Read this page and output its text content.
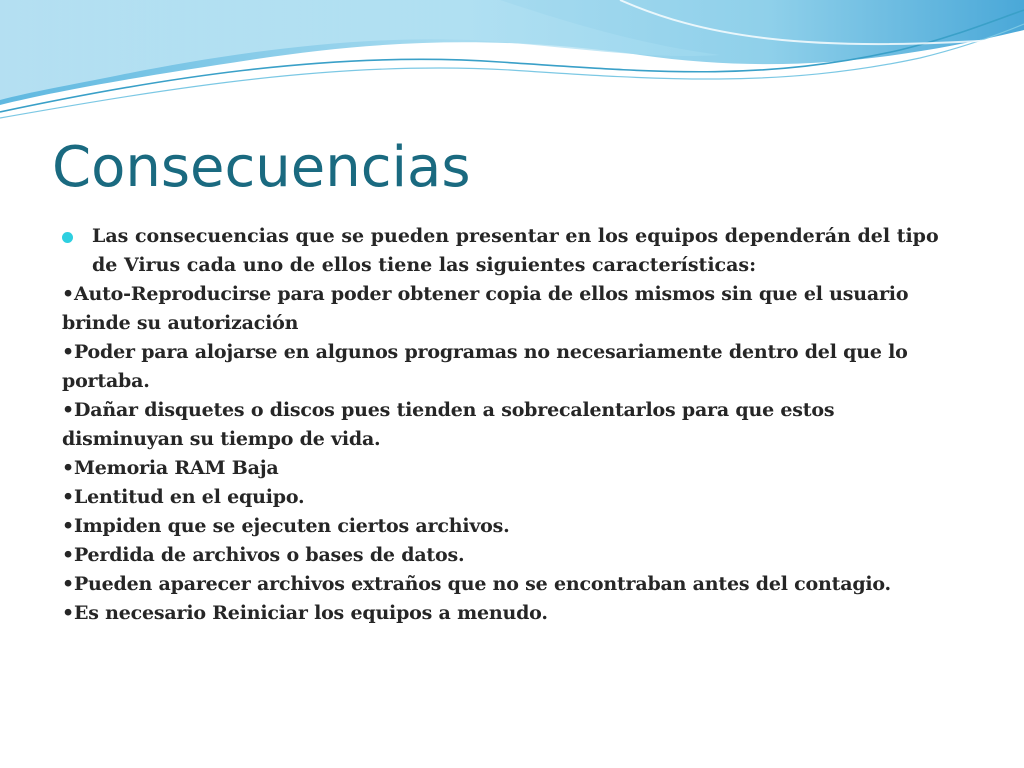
Consecuencias

Las consecuencias que se pueden presentar en los equipos dependerán del tipo de Virus cada uno de ellos tiene las siguientes características:

•Auto-Reproducirse para poder obtener copia de ellos mismos sin que el usuario brinde su autorización

•Poder para alojarse en algunos programas no necesariamente dentro del que lo portaba.

•Dañar disquetes o discos pues tienden a sobrecalentarlos para que estos disminuyan su tiempo de vida.

•Memoria RAM Baja

•Lentitud en el equipo.

•Impiden que se ejecuten ciertos archivos.

•Perdida de archivos o bases de datos.

•Pueden aparecer archivos extraños que no se encontraban antes del contagio.

•Es necesario Reiniciar los equipos a menudo.
